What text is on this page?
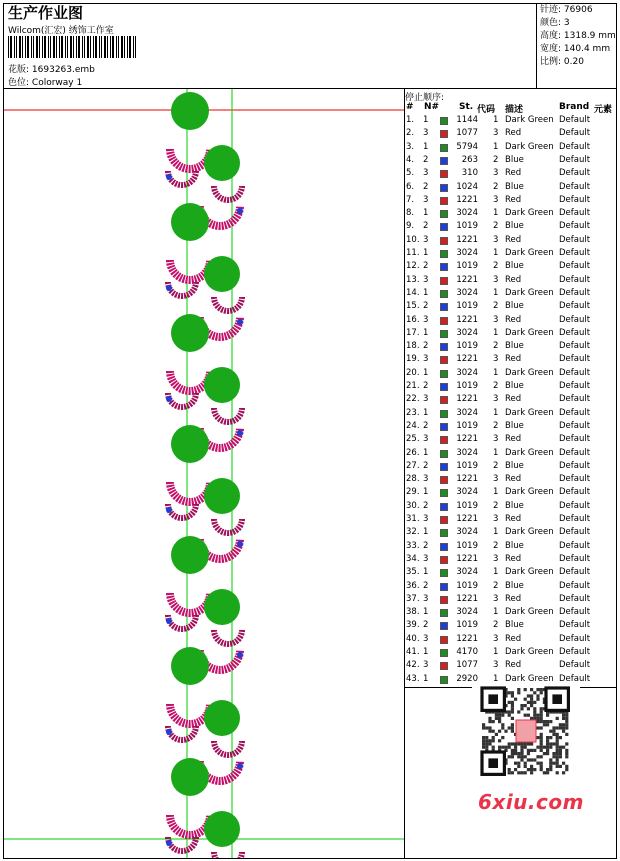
生产作业图
Wilcom(汇宏) 绣饰工作室
花版: 1693263.emb
色位: Colorway 1
针迹: 76906
颜色: 3
高度: 1318.9 mm
宽度: 140.4 mm
比例: 0.20
停止顺序:
# N# St. 代码 描述	Brand 元素
1. 1	1144 1 Dark Green Default
2. 3	1077 3 Red	Default
3. 1	5794 1 Dark Green Default
4. 2	263 2 Blue	Default
5. 3	310 3 Red	Default
6. 2	1024 2 Blue	Default
7. 3	1221 3 Red	Default
8. 1	3024 1 Dark Green Default
9. 2	1019 2 Blue	Default
10. 3	1221 3 Red	Default
11. 1	3024 1 Dark Green Default
12. 2	1019 2 Blue	Default
13. 3	1221 3 Red	Default
14. 1	3024 1 Dark Green Default
15. 2	1019 2 Blue	Default
16. 3	1221 3 Red	Default
17. 1	3024 1 Dark Green Default
18. 2	1019 2 Blue	Default
19. 3	1221 3 Red	Default
20. 1	3024 1 Dark Green Default
21. 2	1019 2 Blue	Default
22. 3	1221 3 Red	Default
23. 1	3024 1 Dark Green Default
24. 2	1019 2 Blue	Default
25. 3	1221 3 Red	Default
26. 1	3024 1 Dark Green Default
27. 2	1019 2 Blue	Default
28. 3	1221 3 Red	Default
29. 1	3024 1 Dark Green Default
30. 2	1019 2 Blue	Default
31. 3	1221 3 Red	Default
32. 1	3024 1 Dark Green Default
33. 2	1019 2 Blue	Default
34. 3	1221 3 Red	Default
35. 1	3024 1 Dark Green Default
36. 2	1019 2 Blue	Default
37. 3	1221 3 Red	Default
38. 1	3024 1 Dark Green Default
39. 2	1019 2 Blue	Default
40. 3	1221 3 Red	Default
41. 1	4170 1 Dark Green Default
42. 3	1077 3 Red	Default
43. 1	2920 1 Dark Green Default
6xiu.com
